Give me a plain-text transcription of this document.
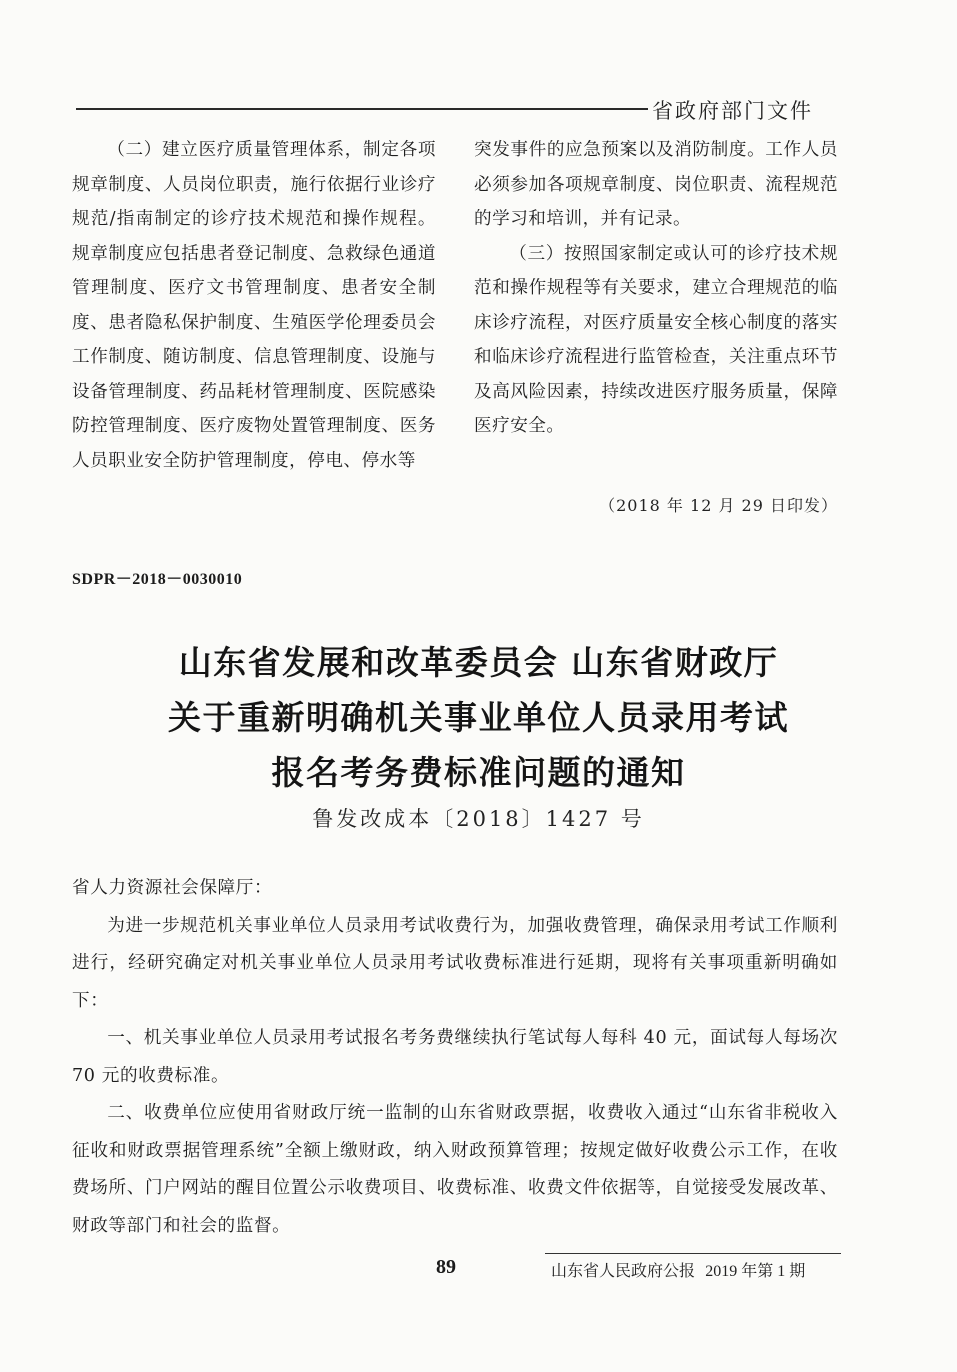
省政府部门文件

（二）建立医疗质量管理体系，制定各项规章制度、人员岗位职责，施行依据行业诊疗规范/指南制定的诊疗技术规范和操作规程。规章制度应包括患者登记制度、急救绿色通道管理制度、医疗文书管理制度、患者安全制度、患者隐私保护制度、生殖医学伦理委员会工作制度、随访制度、信息管理制度、设施与设备管理制度、药品耗材管理制度、医院感染防控管理制度、医疗废物处置管理制度、医务人员职业安全防护管理制度，停电、停水等

突发事件的应急预案以及消防制度。工作人员必须参加各项规章制度、岗位职责、流程规范的学习和培训，并有记录。

（三）按照国家制定或认可的诊疗技术规范和操作规程等有关要求，建立合理规范的临床诊疗流程，对医疗质量安全核心制度的落实和临床诊疗流程进行监管检查，关注重点环节及高风险因素，持续改进医疗服务质量，保障医疗安全。

（2018 年 12 月 29 日印发）
SDPR－2018－0030010
山东省发展和改革委员会 山东省财政厅
关于重新明确机关事业单位人员录用考试
报名考务费标准问题的通知
鲁发改成本〔2018〕1427 号

省人力资源社会保障厅：

为进一步规范机关事业单位人员录用考试收费行为，加强收费管理，确保录用考试工作顺利进行，经研究确定对机关事业单位人员录用考试收费标准进行延期，现将有关事项重新明确如下：

一、机关事业单位人员录用考试报名考务费继续执行笔试每人每科 40 元，面试每人每场次 70 元的收费标准。

二、收费单位应使用省财政厅统一监制的山东省财政票据，收费收入通过“山东省非税收入征收和财政票据管理系统”全额上缴财政，纳入财政预算管理；按规定做好收费公示工作，在收费场所、门户网站的醒目位置公示收费项目、收费标准、收费文件依据等，自觉接受发展改革、财政等部门和社会的监督。

89	山东省人民政府公报 2019 年第 1 期
